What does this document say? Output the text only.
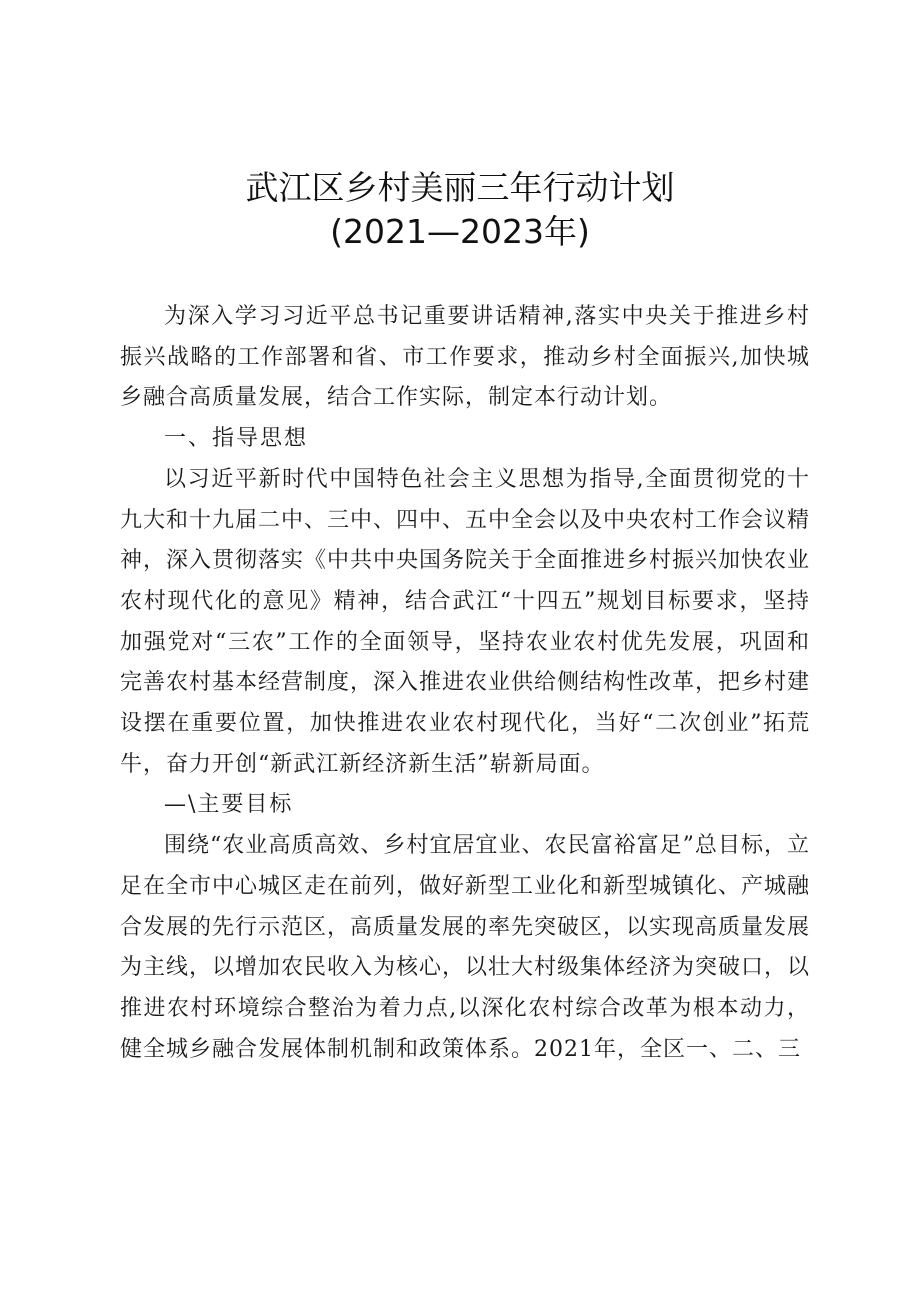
武江区乡村美丽三年行动计划
(2021—2023年)

为深入学习习近平总书记重要讲话精神,落实中央关于推进乡村振兴战略的工作部署和省、市工作要求，推动乡村全面振兴,加快城乡融合高质量发展，结合工作实际，制定本行动计划。

一、指导思想

以习近平新时代中国特色社会主义思想为指导,全面贯彻党的十九大和十九届二中、三中、四中、五中全会以及中央农村工作会议精神，深入贯彻落实《中共中央国务院关于全面推进乡村振兴加快农业农村现代化的意见》精神，结合武江“十四五”规划目标要求，坚持加强党对“三农”工作的全面领导，坚持农业农村优先发展，巩固和完善农村基本经营制度，深入推进农业供给侧结构性改革，把乡村建设摆在重要位置，加快推进农业农村现代化，当好“二次创业”拓荒牛，奋力开创“新武江新经济新生活”崭新局面。

—\主要目标

围绕“农业高质高效、乡村宜居宜业、农民富裕富足”总目标，立足在全市中心城区走在前列，做好新型工业化和新型城镇化、产城融合发展的先行示范区，高质量发展的率先突破区，以实现高质量发展为主线，以增加农民收入为核心，以壮大村级集体经济为突破口，以推进农村环境综合整治为着力点,以深化农村综合改革为根本动力，健全城乡融合发展体制机制和政策体系。2021年，全区一、二、三
